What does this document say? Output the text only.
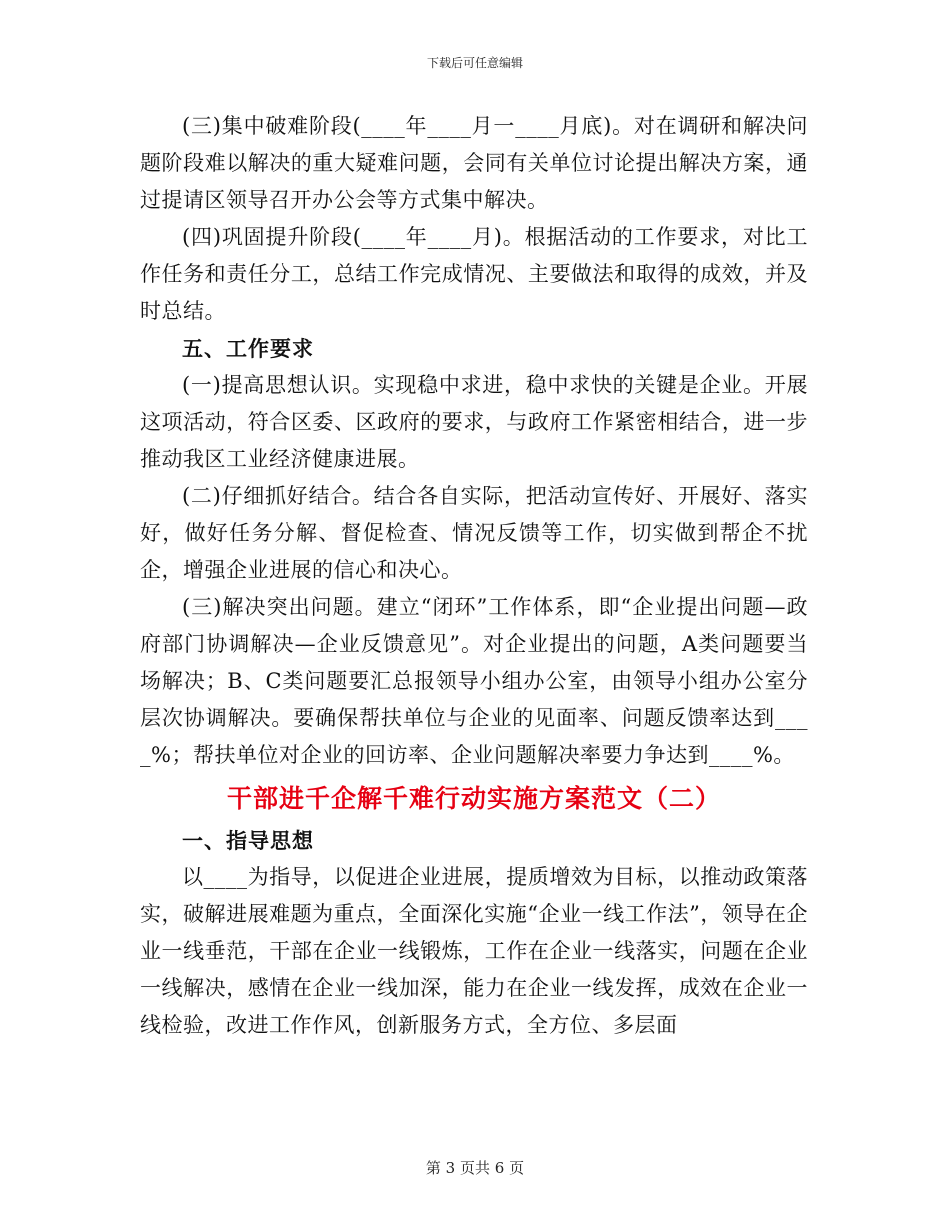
下载后可任意编辑

(三)集中破难阶段(____年____月一____月底)。对在调研和解决问题阶段难以解决的重大疑难问题，会同有关单位讨论提出解决方案，通过提请区领导召开办公会等方式集中解决。

(四)巩固提升阶段(____年____月)。根据活动的工作要求，对比工作任务和责任分工，总结工作完成情况、主要做法和取得的成效，并及时总结。

五、工作要求

(一)提高思想认识。实现稳中求进，稳中求快的关键是企业。开展这项活动，符合区委、区政府的要求，与政府工作紧密相结合，进一步推动我区工业经济健康进展。

(二)仔细抓好结合。结合各自实际，把活动宣传好、开展好、落实好，做好任务分解、督促检查、情况反馈等工作，切实做到帮企不扰企，增强企业进展的信心和决心。

(三)解决突出问题。建立“闭环”工作体系，即“企业提出问题—政府部门协调解决—企业反馈意见”。对企业提出的问题，A类问题要当场解决；B、C类问题要汇总报领导小组办公室，由领导小组办公室分层次协调解决。要确保帮扶单位与企业的见面率、问题反馈率达到____%；帮扶单位对企业的回访率、企业问题解决率要力争达到____%。

干部进千企解千难行动实施方案范文（二）

一、指导思想

以____为指导，以促进企业进展，提质增效为目标，以推动政策落实，破解进展难题为重点，全面深化实施“企业一线工作法”，领导在企业一线垂范，干部在企业一线锻炼，工作在企业一线落实，问题在企业一线解决，感情在企业一线加深，能力在企业一线发挥，成效在企业一线检验，改进工作作风，创新服务方式，全方位、多层面

第 3 页共 6 页
